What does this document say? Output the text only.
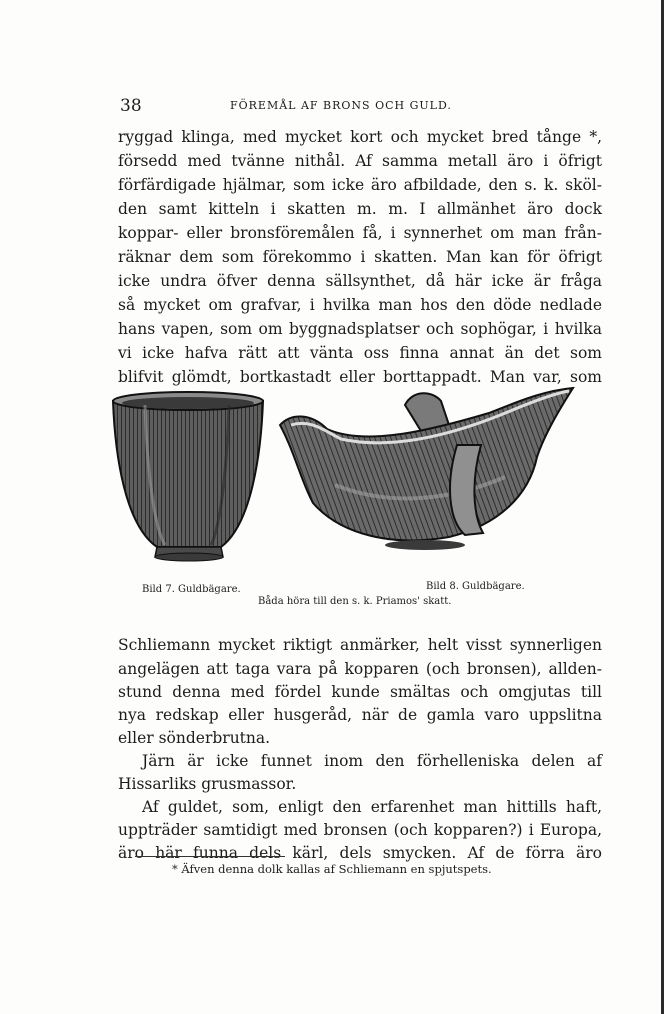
38	FÖREMÅL AF BRONS OCH GULD.
ryggad klinga, med mycket kort och mycket bred tånge *,
försedd med tvänne nithål. Af samma metall äro i öfrigt
förfärdigade hjälmar, som icke äro afbildade, den s. k. sköl-
den samt kitteln i skatten m. m. I allmänhet äro dock
koppar- eller bronsföremålen få, i synnerhet om man från-
räknar dem som förekommo i skatten. Man kan för öfrigt
icke undra öfver denna sällsynthet, då här icke är fråga
så mycket om grafvar, i hvilka man hos den döde nedlade
hans vapen, som om byggnadsplatser och sophögar, i hvilka
vi icke hafva rätt att vänta oss finna annat än det som
blifvit glömdt, bortkastadt eller borttappadt. Man var, som
Bild 7. Guldbägare.	Bild 8. Guldbägare.
Båda höra till den s. k. Priamos' skatt.
Schliemann mycket riktigt anmärker, helt visst synnerligen
angelägen att taga vara på kopparen (och bronsen), allden-
stund denna med fördel kunde smältas och omgjutas till
nya redskap eller husgeråd, när de gamla varo uppslitna
eller sönderbrutna.
Järn är icke funnet inom den förhelleniska delen af
Hissarliks grusmassor.
Af guldet, som, enligt den erfarenhet man hittills haft,
uppträder samtidigt med bronsen (och kopparen?) i Europa,
äro här funna dels kärl, dels smycken. Af de förra äro
* Äfven denna dolk kallas af Schliemann en spjutspets.
